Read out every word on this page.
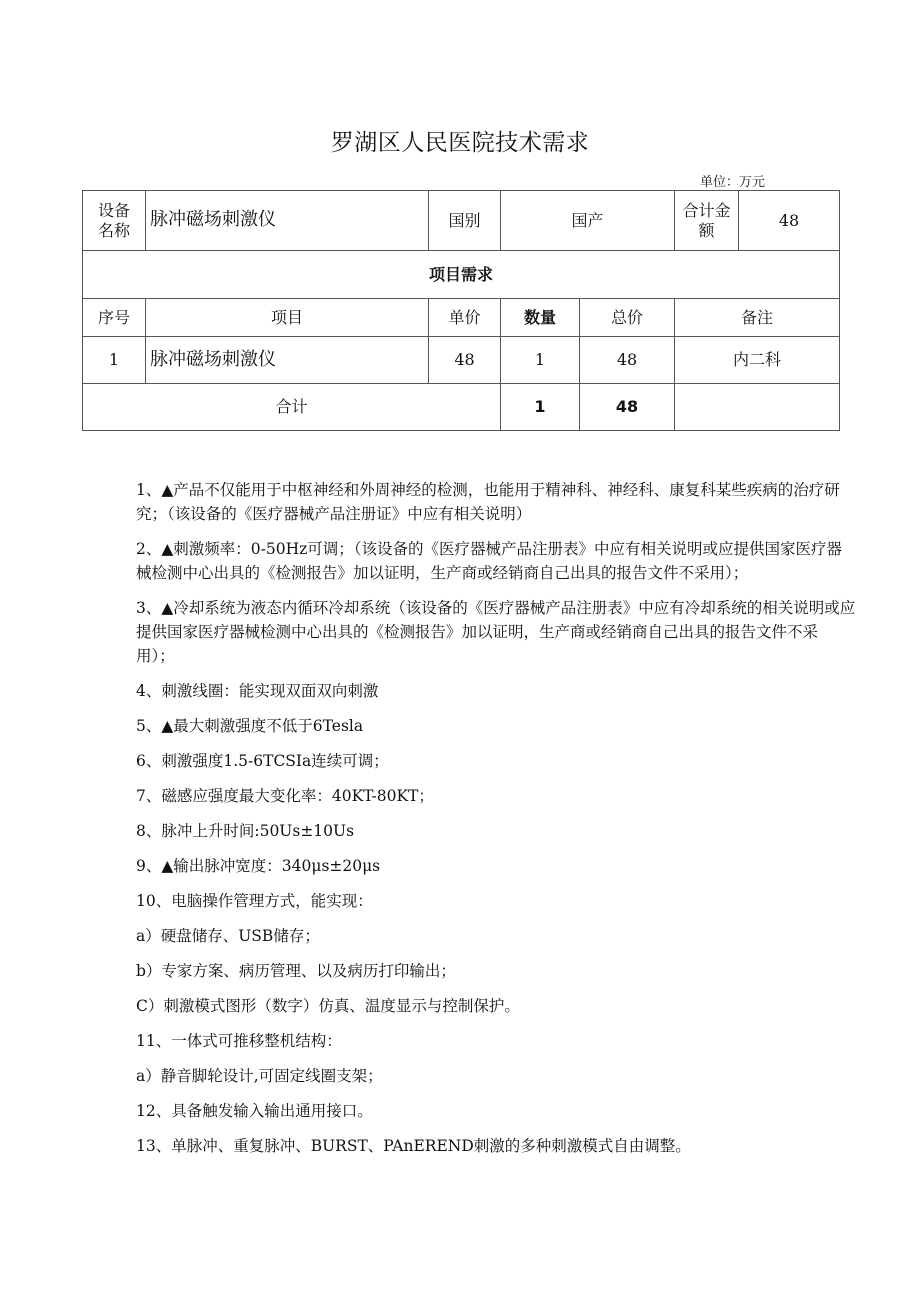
罗湖区人民医院技术需求
单位：万元
设备名称	脉冲磁场刺激仪	国别	国产		合计金额	48
项目需求						
序号	项目	单价	数量	总价	备注	
1	脉冲磁场刺激仪	48	1	48	内二科	
合计			1	48		

1、▲产品不仅能用于中枢神经和外周神经的检测，也能用于精神科、神经科、康复科某些疾病的治疗研究；（该设备的《医疗器械产品注册证》中应有相关说明）

2、▲刺激频率：0-50Hz可调；（该设备的《医疗器械产品注册表》中应有相关说明或应提供国家医疗器械检测中心出具的《检测报告》加以证明，生产商或经销商自己出具的报告文件不采用）；

3、▲冷却系统为液态内循环冷却系统（该设备的《医疗器械产品注册表》中应有冷却系统的相关说明或应提供国家医疗器械检测中心出具的《检测报告》加以证明，生产商或经销商自己出具的报告文件不采用）；

4、刺激线圈：能实现双面双向刺激

5、▲最大刺激强度不低于6Tesla

6、刺激强度1.5-6TCSIa连续可调；

7、磁感应强度最大变化率：40KT-80KT；

8、脉冲上升时间:50Us±10Us

9、▲输出脉冲宽度：340μs±20μs

10、电脑操作管理方式，能实现：

a）硬盘储存、USB储存；

b）专家方案、病历管理、以及病历打印输出；

C）刺激模式图形（数字）仿真、温度显示与控制保护。

11、一体式可推移整机结构：

a）静音脚轮设计,可固定线圈支架；

12、具备触发输入输出通用接口。

13、单脉冲、重复脉冲、BURST、PAnEREND刺激的多种刺激模式自由调整。
